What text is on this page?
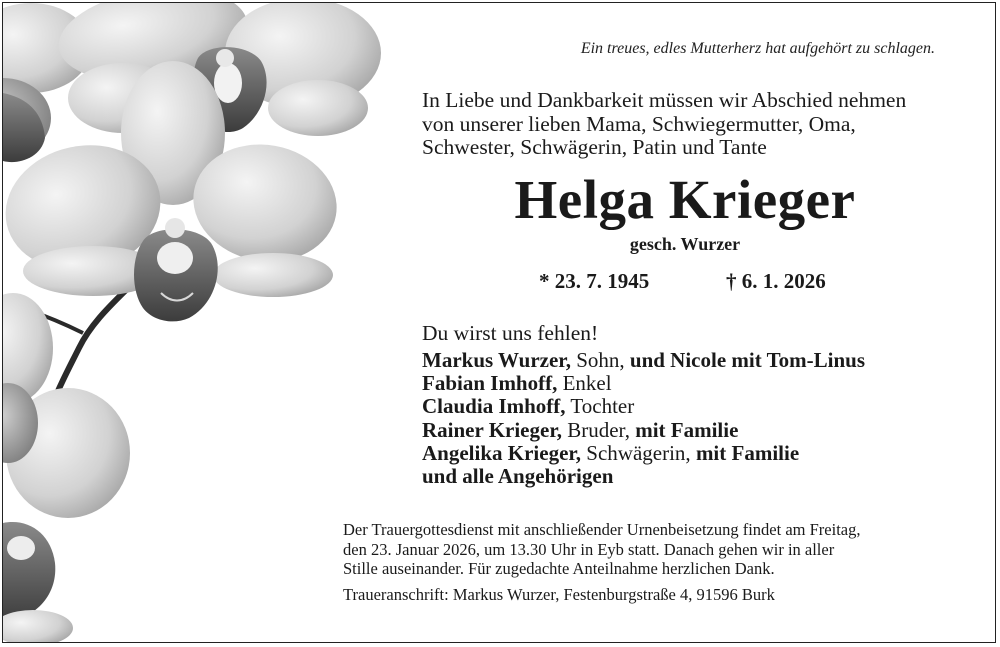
Ein treues, edles Mutterherz hat aufgehört zu schlagen.
In Liebe und Dankbarkeit müssen wir Abschied nehmen
von unserer lieben Mama, Schwiegermutter, Oma,
Schwester, Schwägerin, Patin und Tante
Helga Krieger
gesch. Wurzer
* 23. 7. 1945	† 6. 1. 2026
Du wirst uns fehlen!
Markus Wurzer, Sohn, und Nicole mit Tom-Linus
Fabian Imhoff, Enkel
Claudia Imhoff, Tochter
Rainer Krieger, Bruder, mit Familie
Angelika Krieger, Schwägerin, mit Familie
und alle Angehörigen
Der Trauergottesdienst mit anschließender Urnenbeisetzung findet am Freitag,
den 23. Januar 2026, um 13.30 Uhr in Eyb statt. Danach gehen wir in aller
Stille auseinander. Für zugedachte Anteilnahme herzlichen Dank.
Traueranschrift: Markus Wurzer, Festenburgstraße 4, 91596 Burk
